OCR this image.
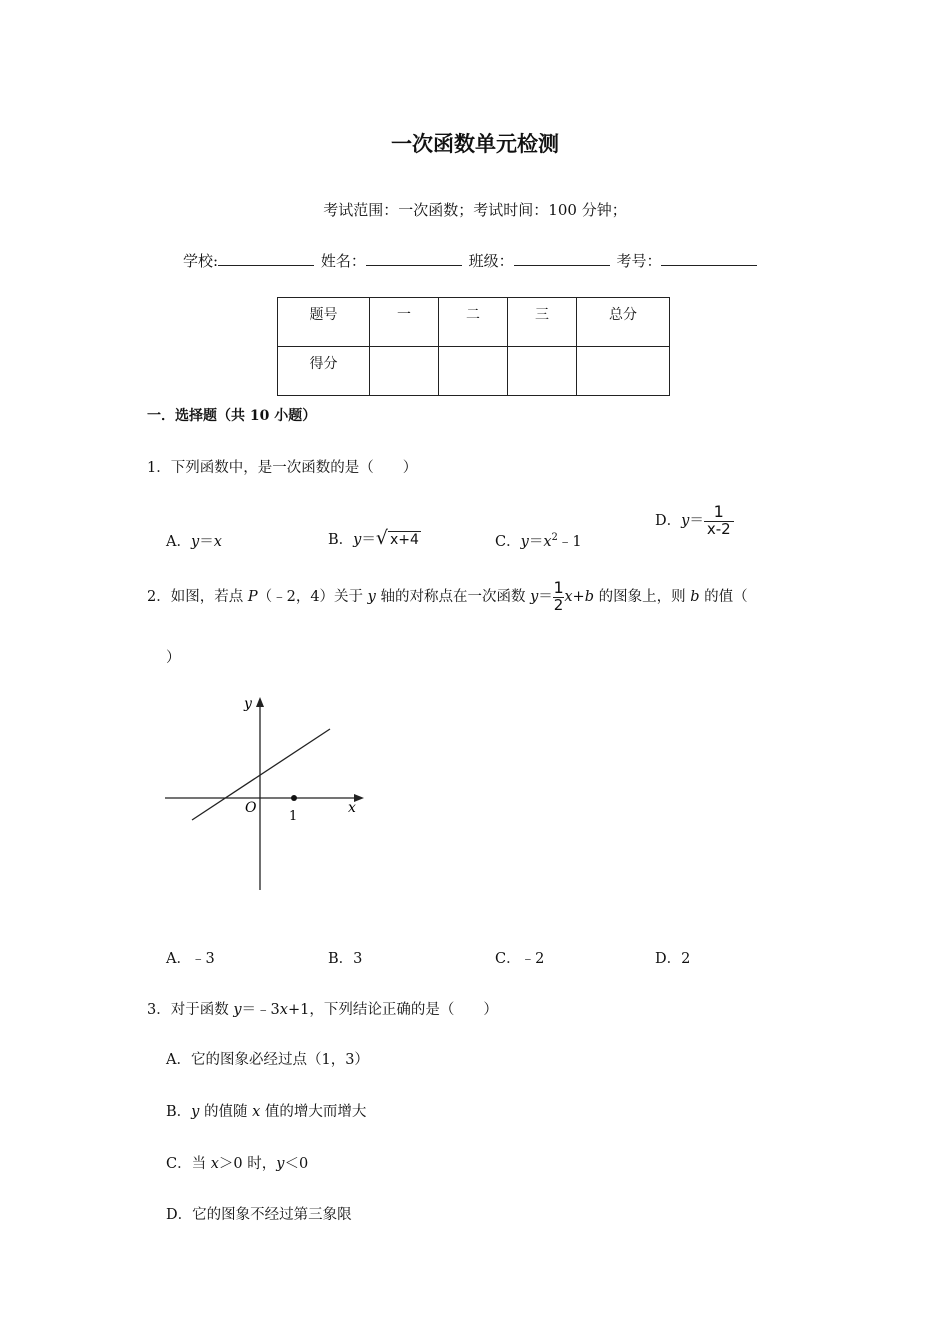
一次函数单元检测
考试范围：一次函数；考试时间：100 分钟；
学校:	姓名：	班级：	考号：
题号	一	二	三	总分
得分				
一．选择题（共 10 小题）
1．下列函数中，是一次函数的是（　　）
A．y＝x	B．y＝√ x+4	C．$y=x^2﹣1$
D．$y= \frac{1}{x-2}$
2．如图，若点 P（﹣2，4）关于 y 轴的对称点在一次函数 $y= \frac{1}{2} x+b$ 的图象上，则 b 的值（
）
y
x
O
1
A．﹣3	B．3	C．﹣2	D．2
3．对于函数 y＝﹣3x+1，下列结论正确的是（　　）
A．它的图象必经过点（1，3）
B．y 的值随 x 值的增大而增大
C．当 x＞0 时，y＜0
D．它的图象不经过第三象限
